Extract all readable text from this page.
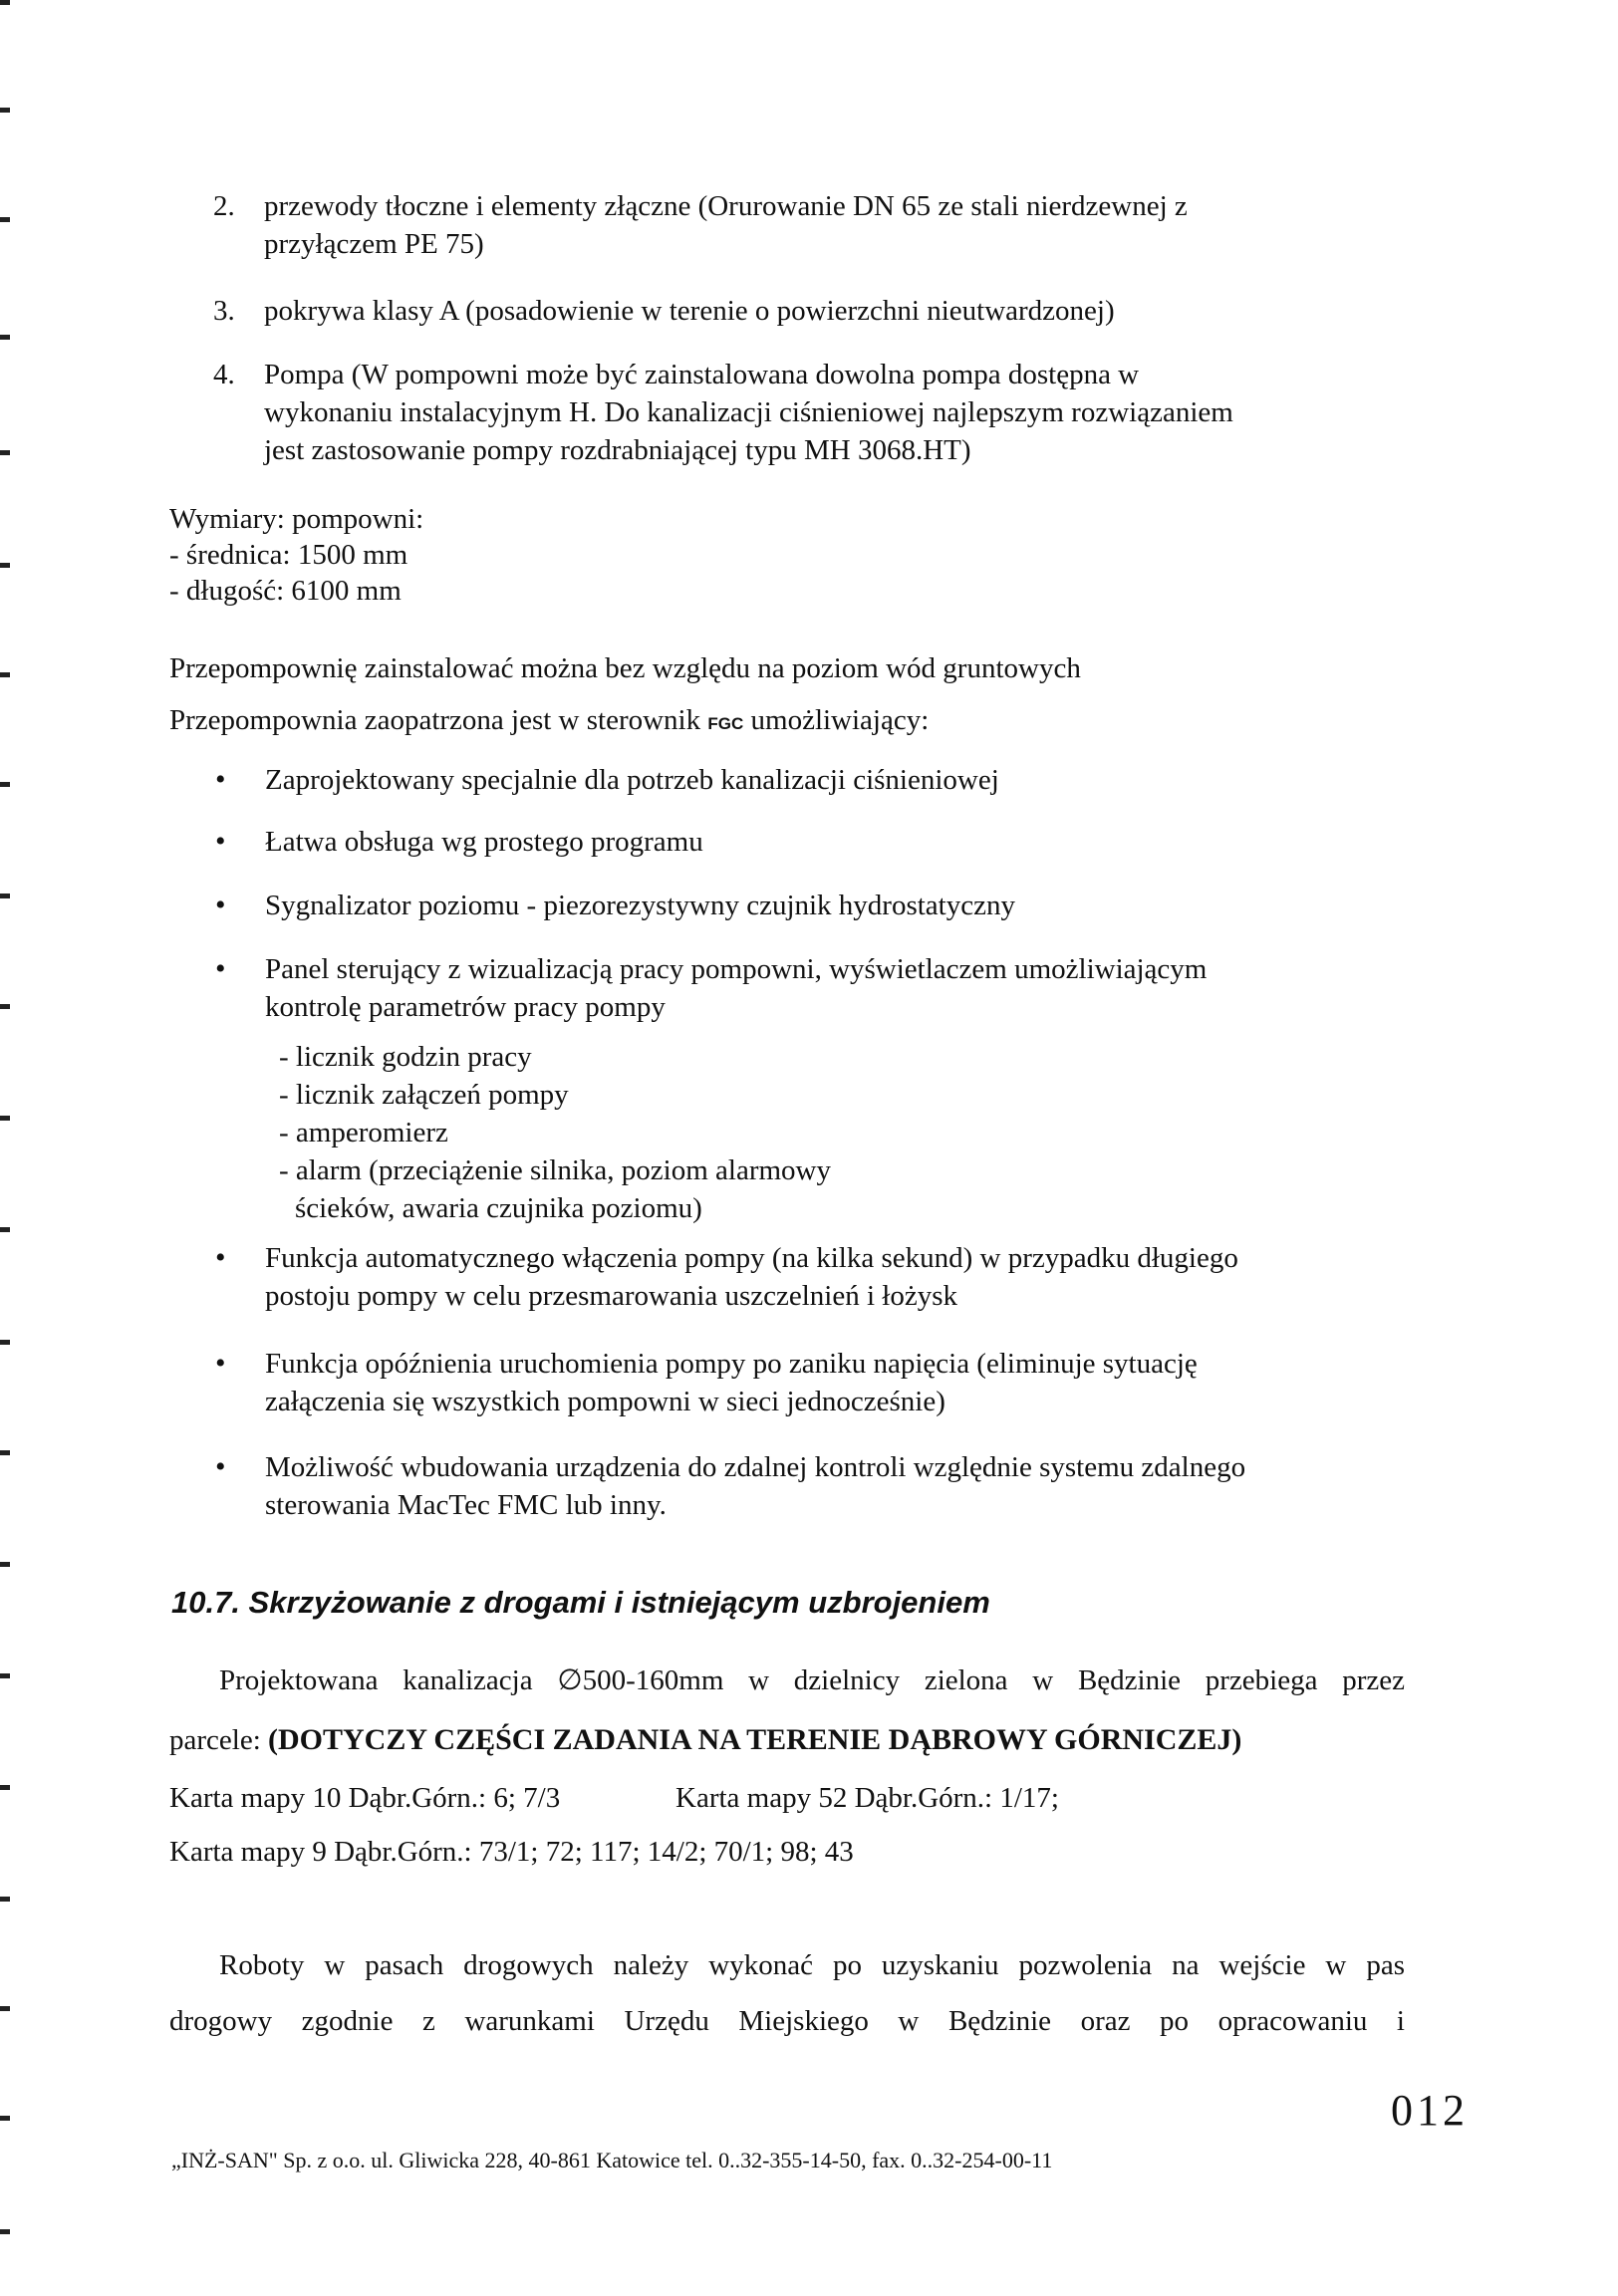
2. przewody tłoczne i elementy złączne (Orurowanie DN 65 ze stali nierdzewnej z
przyłączem PE 75)
3. pokrywa klasy A (posadowienie w terenie o powierzchni nieutwardzonej)
4. Pompa (W pompowni może być zainstalowana dowolna pompa dostępna w
wykonaniu instalacyjnym H. Do kanalizacji ciśnieniowej najlepszym rozwiązaniem
jest zastosowanie pompy rozdrabniającej typu MH 3068.HT)
Wymiary: pompowni:
- średnica: 1500 mm
- długość: 6100 mm
Przepompownię zainstalować można bez względu na poziom wód gruntowych
Przepompownia zaopatrzona jest w sterownik FGC umożliwiający:
• Zaprojektowany specjalnie dla potrzeb kanalizacji ciśnieniowej
• Łatwa obsługa wg prostego programu
• Sygnalizator poziomu - piezorezystywny czujnik hydrostatyczny
• Panel sterujący z wizualizacją pracy pompowni, wyświetlaczem umożliwiającym
kontrolę parametrów pracy pompy
- licznik godzin pracy
- licznik załączeń pompy
- amperomierz
- alarm (przeciążenie silnika, poziom alarmowy
ścieków, awaria czujnika poziomu)
• Funkcja automatycznego włączenia pompy (na kilka sekund) w przypadku długiego
postoju pompy w celu przesmarowania uszczelnień i łożysk
• Funkcja opóźnienia uruchomienia pompy po zaniku napięcia (eliminuje sytuację
załączenia się wszystkich pompowni w sieci jednocześnie)
• Możliwość wbudowania urządzenia do zdalnej kontroli względnie systemu zdalnego
sterowania MacTec FMC lub inny.
10.7. Skrzyżowanie z drogami i istniejącym uzbrojeniem
Projektowana kanalizacja ∅500-160mm w dzielnicy zielona w Będzinie przebiega przez
parcele: (DOTYCZY CZĘŚCI ZADANIA NA TERENIE DĄBROWY GÓRNICZEJ)
Karta mapy 10 Dąbr.Górn.: 6; 7/3	Karta mapy 52 Dąbr.Górn.: 1/17;
Karta mapy 9 Dąbr.Górn.: 73/1; 72; 117; 14/2; 70/1; 98; 43
Roboty w pasach drogowych należy wykonać po uzyskaniu pozwolenia na wejście w pas
drogowy zgodnie z warunkami Urzędu Miejskiego w Będzinie oraz po opracowaniu i
„INŻ-SAN" Sp. z o.o. ul. Gliwicka 228, 40-861 Katowice tel. 0..32-355-14-50, fax. 0..32-254-00-11
012
